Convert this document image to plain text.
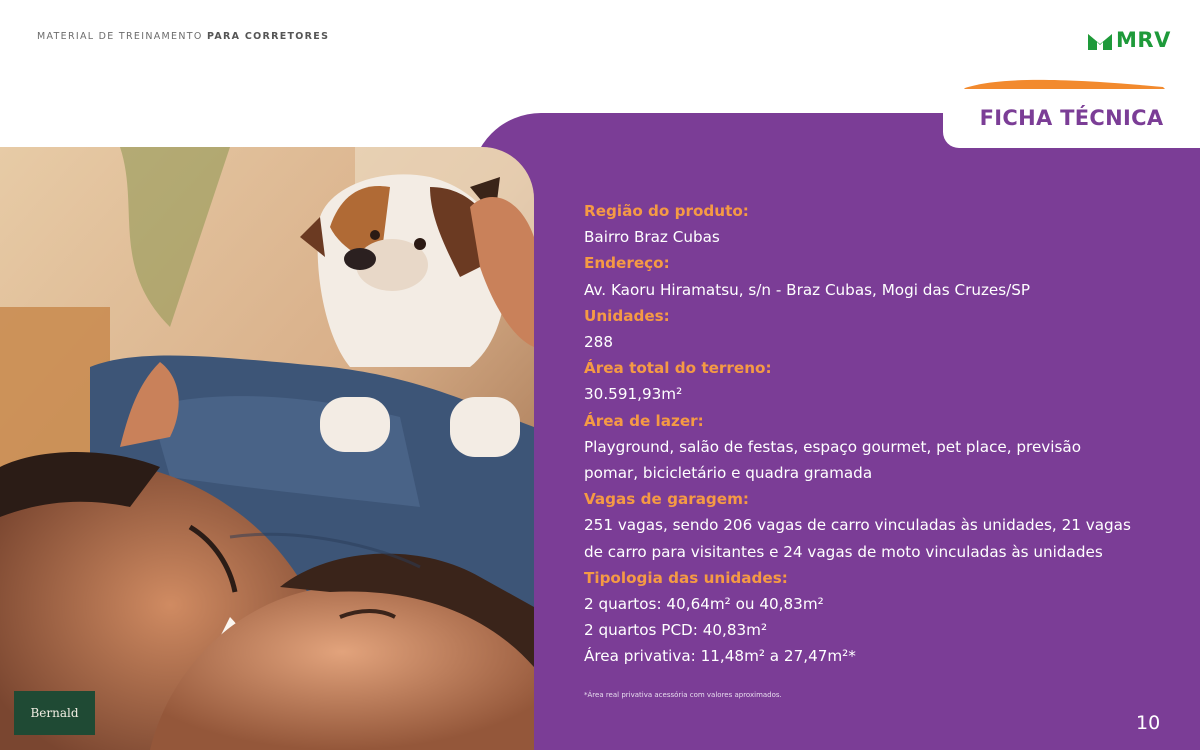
MATERIAL DE TREINAMENTO PARA CORRETORES	MRV
FICHA TÉCNICA
Região do produto:
Bairro Braz Cubas
Endereço:
Av. Kaoru Hiramatsu, s/n - Braz Cubas, Mogi das Cruzes/SP
Unidades:
288
Área total do terreno:
30.591,93m²
Área de lazer:
Playground, salão de festas, espaço gourmet, pet place, previsão
pomar, bicicletário e quadra gramada
Vagas de garagem:
251 vagas, sendo 206 vagas de carro vinculadas às unidades, 21 vagas
de carro para visitantes e 24 vagas de moto vinculadas às unidades
Tipologia das unidades:
2 quartos: 40,64m² ou 40,83m²
2 quartos PCD: 40,83m²
Área privativa: 11,48m² a 27,47m²*
*Área real privativa acessória com valores aproximados.
10
Bernald
